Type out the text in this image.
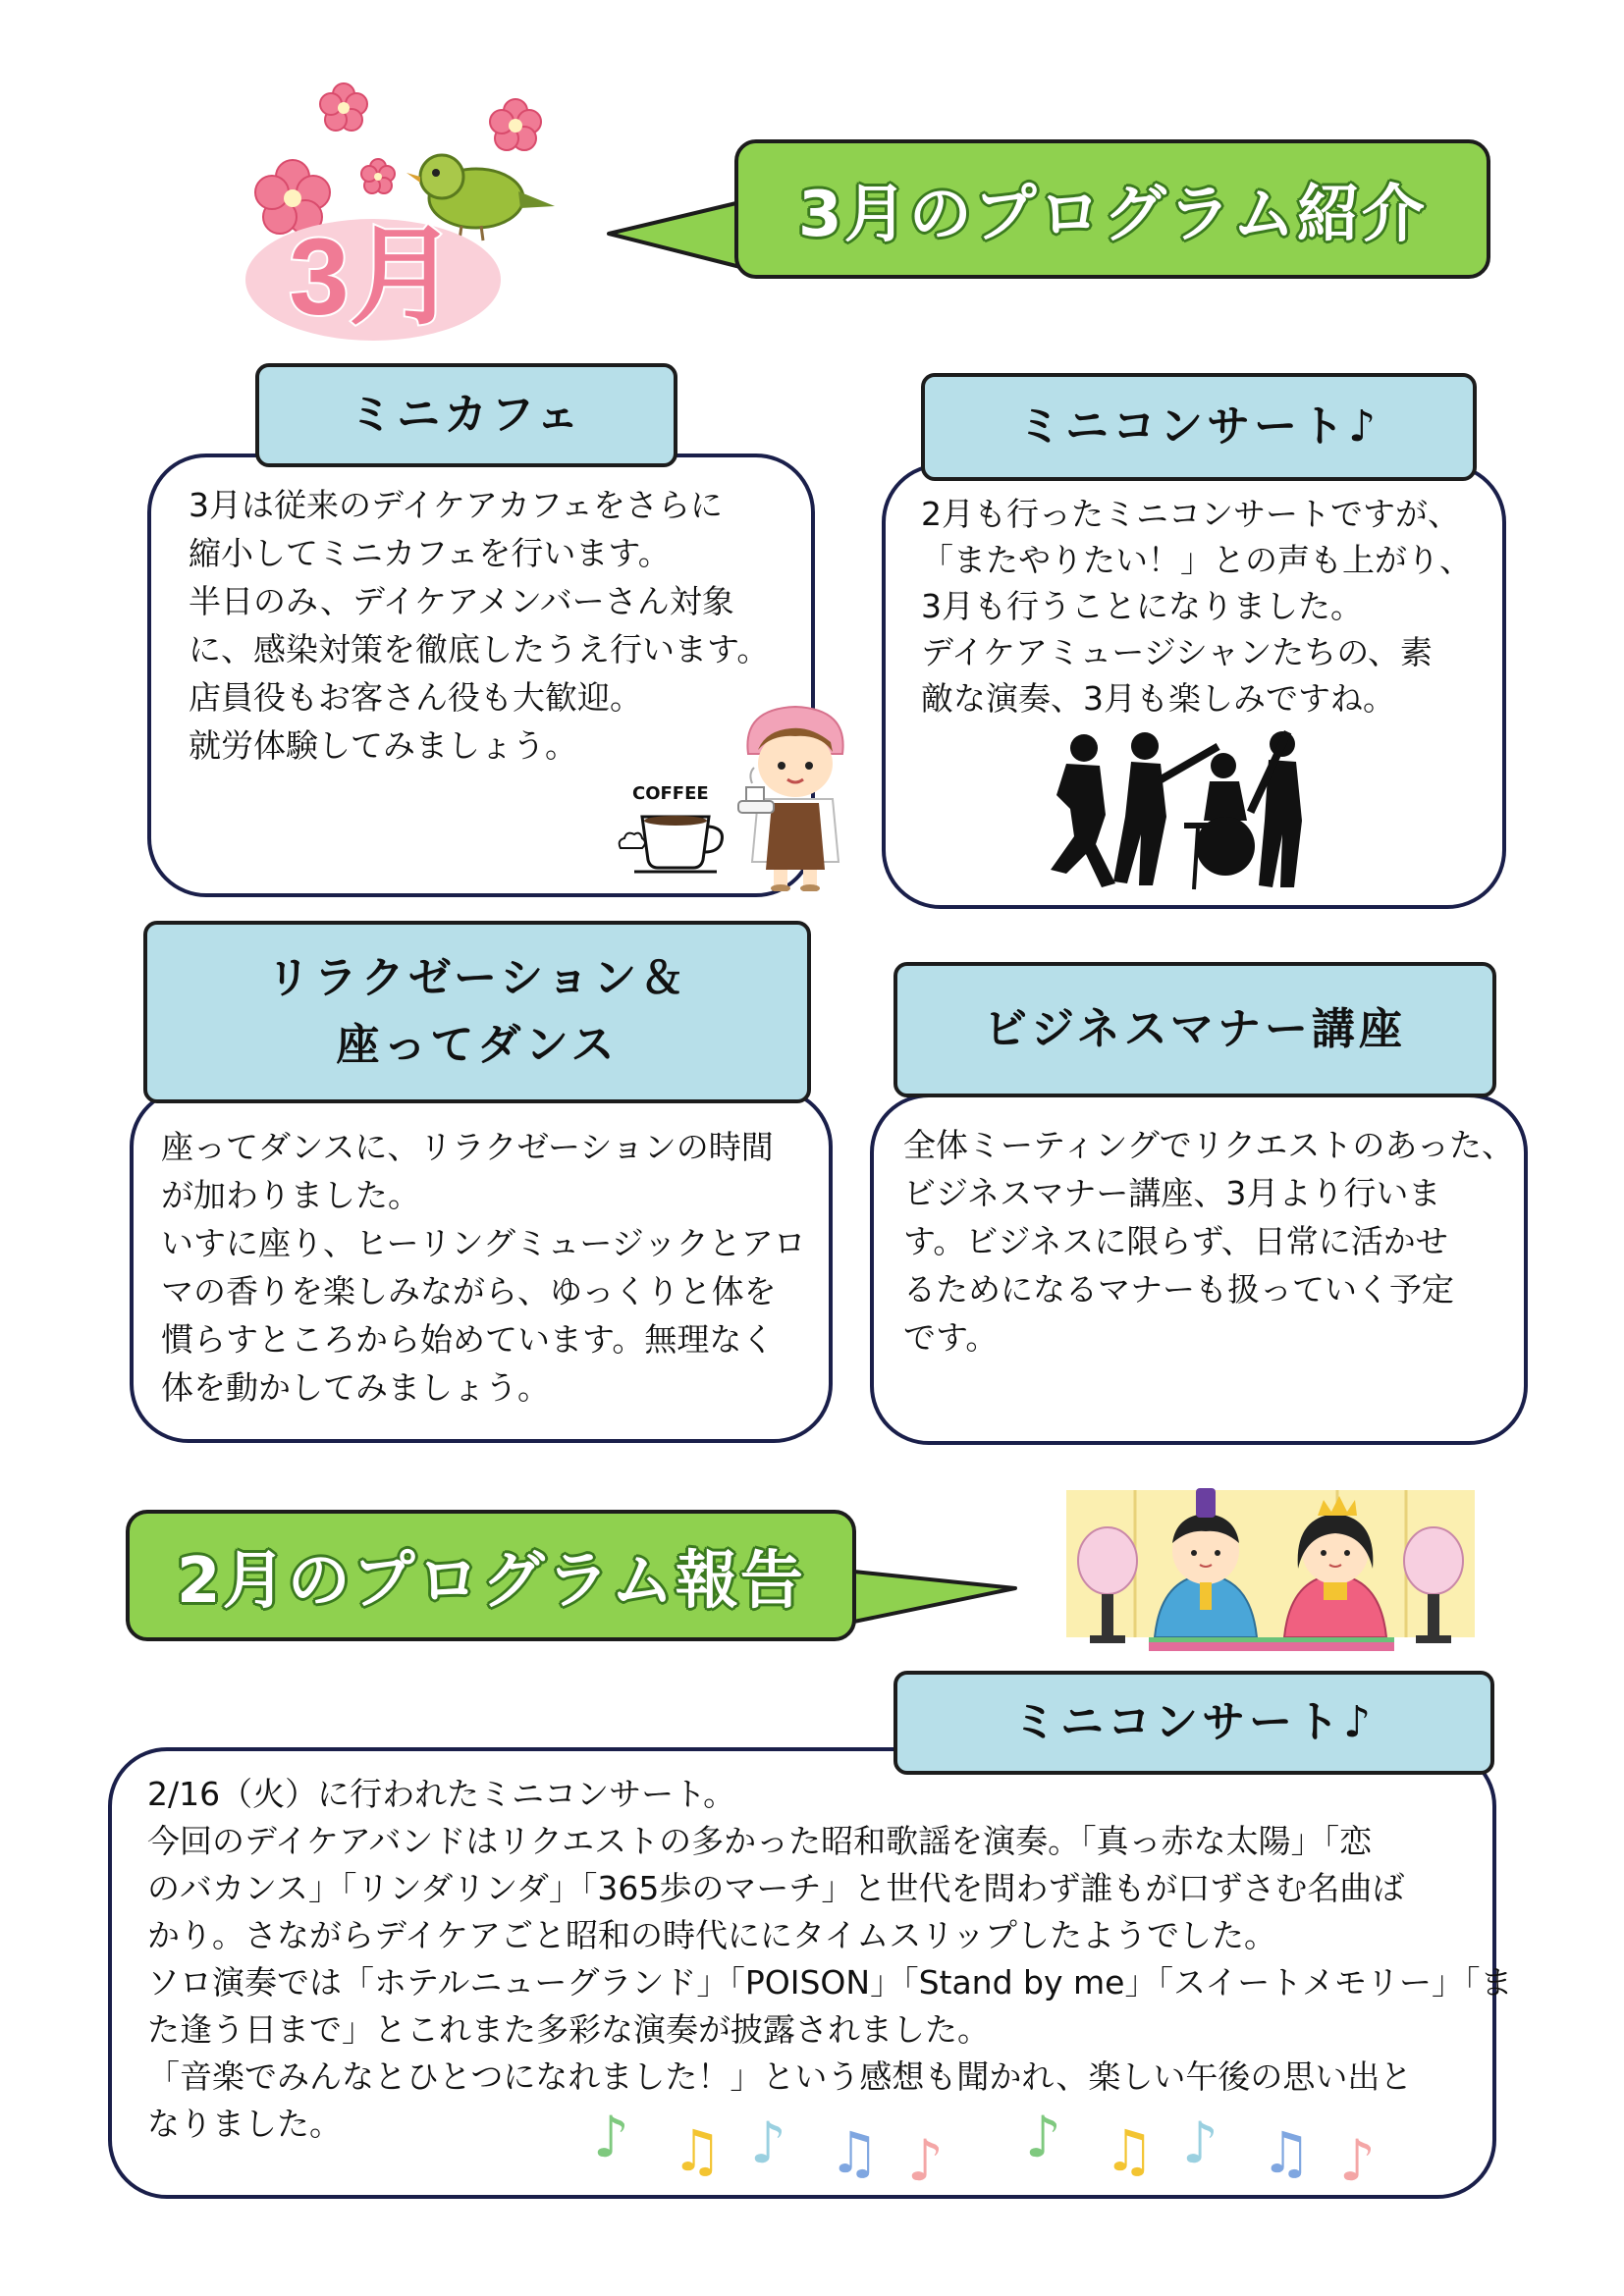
3月
3月のプログラム紹介
ミニカフェ
3月は従来のデイケアカフェをさらに
縮小してミニカフェを行います。
半日のみ、デイケアメンバーさん対象
に、感染対策を徹底したうえ行います。
店員役もお客さん役も大歓迎。
就労体験してみましょう。
COFFEE
ミニコンサート♪
2月も行ったミニコンサートですが、
「またやりたい！」との声も上がり、
3月も行うことになりました。
デイケアミュージシャンたちの、素
敵な演奏、3月も楽しみですね。
リラクゼーション＆
座ってダンス
座ってダンスに、リラクゼーションの時間
が加わりました。
いすに座り、ヒーリングミュージックとアロ
マの香りを楽しみながら、ゆっくりと体を
慣らすところから始めています。無理なく
体を動かしてみましょう。
ビジネスマナー講座
全体ミーティングでリクエストのあった、
ビジネスマナー講座、3月より行いま
す。ビジネスに限らず、日常に活かせ
るためになるマナーも扱っていく予定
です。
2月のプログラム報告
ミニコンサート♪
2/16（火）に行われたミニコンサート。
今回のデイケアバンドはリクエストの多かった昭和歌謡を演奏。「真っ赤な太陽」「恋
のバカンス」「リンダリンダ」「365歩のマーチ」と世代を問わず誰もが口ずさむ名曲ば
かり。さながらデイケアごと昭和の時代ににタイムスリップしたようでした。
ソロ演奏では「ホテルニューグランド」「POISON」「Stand by me」「スイートメモリー」「ま
た逢う日まで」とこれまた多彩な演奏が披露されました。
「音楽でみんなとひとつになれました！」という感想も聞かれ、楽しい午後の思い出と
なりました。	♪ ♫ ♪ ♫ ♪ ♪ ♫ ♪ ♫ ♪
